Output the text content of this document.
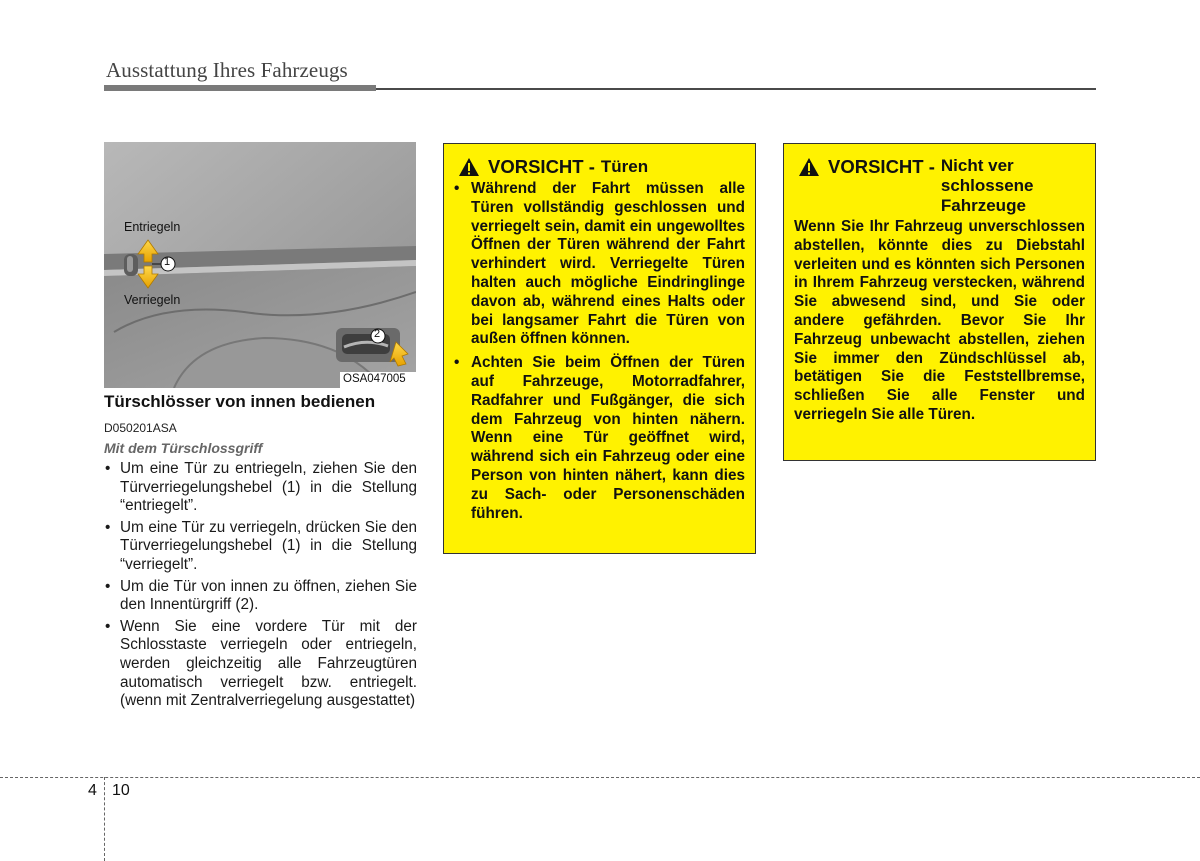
Ausstattung Ihres Fahrzeugs
Entriegeln
Verriegeln
1
2
OSA047005
Türschlösser von innen bedienen
D050201ASA
Mit dem Türschlossgriff
• Um eine Tür zu entriegeln, ziehen Sie den Türverriegelungshebel (1) in die Stellung “entriegelt”.
• Um eine Tür zu verriegeln, drücken Sie den Türverriegelungshebel (1) in die Stellung “verriegelt”.
• Um die Tür von innen zu öffnen, ziehen Sie den Innentürgriff (2).
• Wenn Sie eine vordere Tür mit der Schlosstaste verriegeln oder entriegeln, werden gleichzeitig alle Fahrzeugtüren automatisch verriegelt bzw. entriegelt. (wenn mit Zentralverriegelung ausgestattet)
VORSICHT - Türen
• Während der Fahrt müssen alle Türen vollständig geschlossen und verriegelt sein, damit ein ungewolltes Öffnen der Türen während der Fahrt verhindert wird. Verriegelte Türen halten auch mögliche Eindringlinge davon ab, während eines Halts oder bei langsamer Fahrt die Türen von außen öffnen können.
• Achten Sie beim Öffnen der Türen auf Fahrzeuge, Motorradfahrer, Radfahrer und Fußgänger, die sich dem Fahrzeug von hinten nähern. Wenn eine Tür geöffnet wird, während sich ein Fahrzeug oder eine Person von hinten nähert, kann dies zu Sach- oder Personenschäden führen.
VORSICHT - Nicht ver
schlossene
Fahrzeuge
Wenn Sie Ihr Fahrzeug unverschlossen abstellen, könnte dies zu Diebstahl verleiten und es könnten sich Personen in Ihrem Fahrzeug verstecken, während Sie abwesend sind, und Sie oder andere gefährden. Bevor Sie Ihr Fahrzeug unbewacht abstellen, ziehen Sie immer den Zündschlüssel ab, betätigen Sie die Feststellbremse, schließen Sie alle Fenster und verriegeln Sie alle Türen.
4 10
